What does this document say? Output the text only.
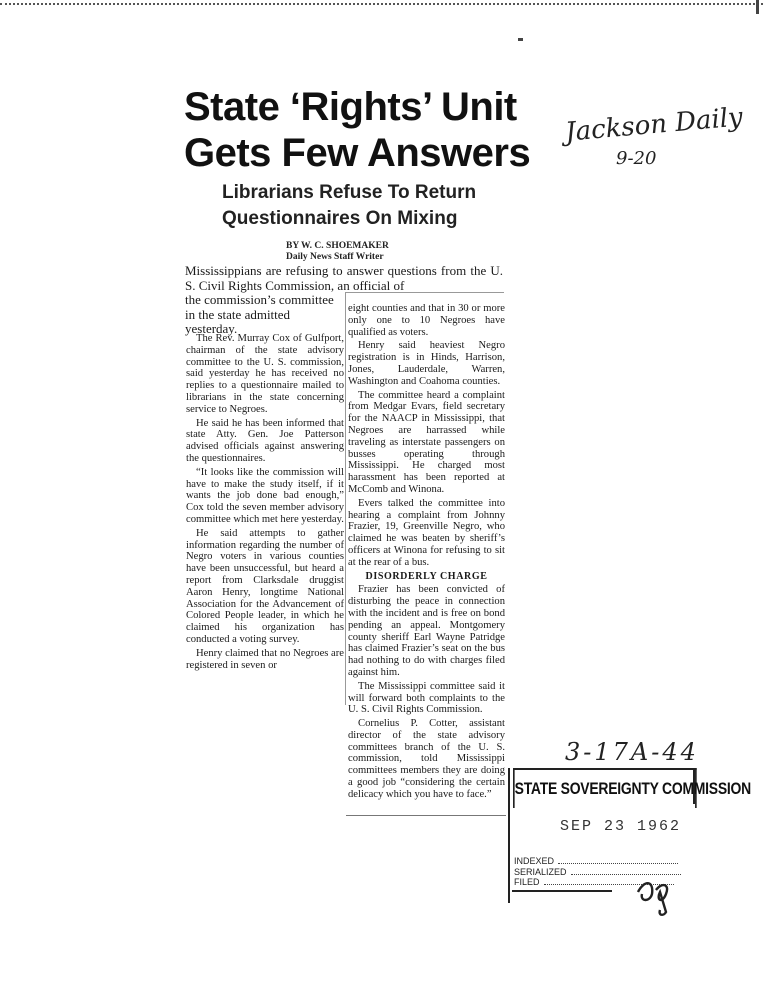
State ‘Rights’ Unit
Gets Few Answers
Librarians Refuse To Return
Questionnaires On Mixing
BY W. C. SHOEMAKER
Daily News Staff Writer
Mississippians are refusing to answer questions from the U. S. Civil Rights Commission, an official of
the commission’s committee in the state admitted yesterday.

The Rev. Murray Cox of Gulfport, chairman of the state advisory committee to the U. S. commission, said yesterday he has received no replies to a questionnaire mailed to librarians in the state concerning service to Negroes.

He said he has been informed that state Atty. Gen. Joe Patterson advised officials against answering the questionnaires.

“It looks like the commission will have to make the study itself, if it wants the job done bad enough,” Cox told the seven member advisory committee which met here yesterday.

He said attempts to gather information regarding the number of Negro voters in various counties have been unsuccessful, but heard a report from Clarksdale druggist Aaron Henry, longtime National Association for the Advancement of Colored People leader, in which he claimed his organization has conducted a voting survey.

Henry claimed that no Negroes are registered in seven or

eight counties and that in 30 or more only one to 10 Negroes have qualified as voters.

Henry said heaviest Negro registration is in Hinds, Harrison, Jones, Lauderdale, Warren, Washington and Coahoma counties.

The committee heard a complaint from Medgar Evars, field secretary for the NAACP in Mississippi, that Negroes are harrassed while traveling as interstate passengers on busses operating through Mississippi. He charged most harassment has been reported at McComb and Winona.

Evers talked the committee into hearing a complaint from Johnny Frazier, 19, Greenville Negro, who claimed he was beaten by sheriff’s officers at Winona for refusing to sit at the rear of a bus.

DISORDERLY CHARGE

Frazier has been convicted of disturbing the peace in connection with the incident and is free on bond pending an appeal. Montgomery county sheriff Earl Wayne Patridge has claimed Frazier’s seat on the bus had nothing to do with charges filed against him.

The Mississippi committee said it will forward both complaints to the U. S. Civil Rights Commission.

Cornelius P. Cotter, assistant director of the state advisory committees branch of the U. S. commission, told Mississippi committees members they are doing a good job “considering the certain delicacy which you have to face.”

Jackson Daily
9-20
3-17A-44
STATE SOVEREIGNTY COMMISSION
SEP 23 1962
INDEXED
SERIALIZED
FILED
